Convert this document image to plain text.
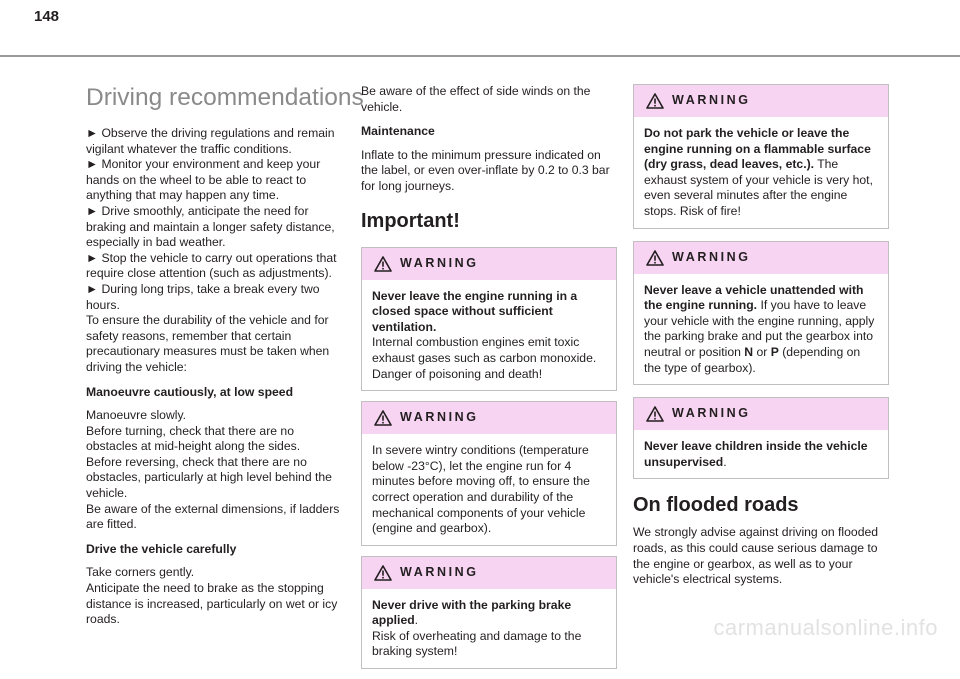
148
Driving recommendations

► Observe the driving regulations and remain vigilant whatever the traffic conditions.

► Monitor your environment and keep your hands on the wheel to be able to react to anything that may happen any time.

► Drive smoothly, anticipate the need for braking and maintain a longer safety distance, especially in bad weather.

► Stop the vehicle to carry out operations that require close attention (such as adjustments).

► During long trips, take a break every two hours.

To ensure the durability of the vehicle and for safety reasons, remember that certain precautionary measures must be taken when driving the vehicle:

Manoeuvre cautiously, at low speed

Manoeuvre slowly.

Before turning, check that there are no obstacles at mid-height along the sides.

Before reversing, check that there are no obstacles, particularly at high level behind the vehicle.

Be aware of the external dimensions, if ladders are fitted.

Drive the vehicle carefully

Take corners gently.

Anticipate the need to brake as the stopping distance is increased, particularly on wet or icy roads.

Be aware of the effect of side winds on the vehicle.

Maintenance

Inflate to the minimum pressure indicated on the label, or even over-inflate by 0.2 to 0.3 bar for long journeys.

Important!
WARNING
Never leave the engine running in a closed space without sufficient ventilation.
Internal combustion engines emit toxic exhaust gases such as carbon monoxide. Danger of poisoning and death!
WARNING
In severe wintry conditions (temperature below -23°C), let the engine run for 4 minutes before moving off, to ensure the correct operation and durability of the mechanical components of your vehicle (engine and gearbox).
WARNING
Never drive with the parking brake applied.
Risk of overheating and damage to the braking system!
WARNING
Do not park the vehicle or leave the engine running on a flammable surface (dry grass, dead leaves, etc.). The exhaust system of your vehicle is very hot, even several minutes after the engine stops. Risk of fire!
WARNING
Never leave a vehicle unattended with the engine running. If you have to leave your vehicle with the engine running, apply the parking brake and put the gearbox into neutral or position N or P (depending on the type of gearbox).
WARNING
Never leave children inside the vehicle unsupervised.
On flooded roads

We strongly advise against driving on flooded roads, as this could cause serious damage to the engine or gearbox, as well as to your vehicle's electrical systems.

carmanualsonline.info
